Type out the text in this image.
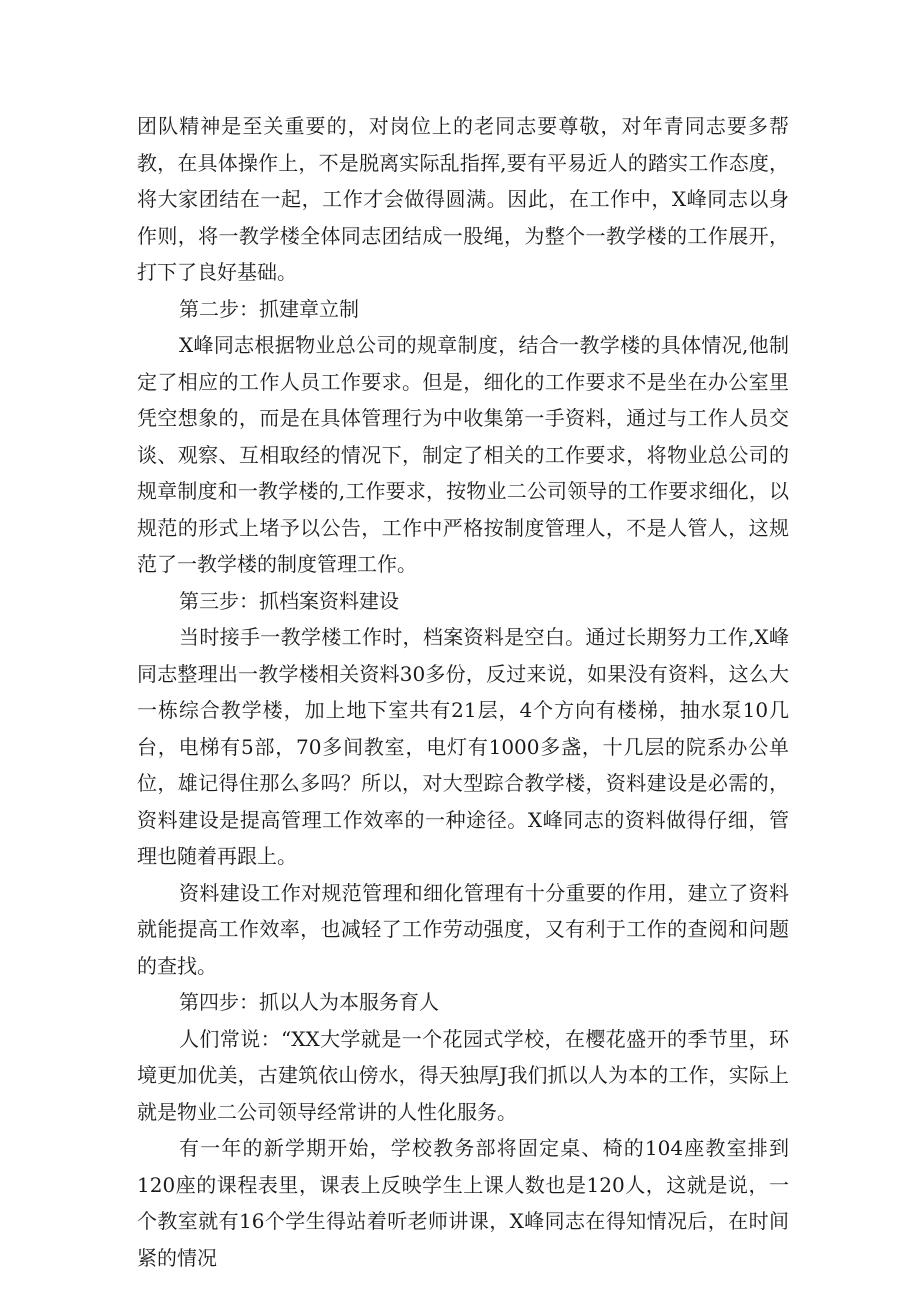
团队精神是至关重要的，对岗位上的老同志要尊敬，对年青同志要多帮教，在具体操作上，不是脱离实际乱指挥,要有平易近人的踏实工作态度，将大家团结在一起，工作才会做得圆满。因此，在工作中，X峰同志以身作则，将一教学楼全体同志团结成一股绳，为整个一教学楼的工作展开，打下了良好基础。

第二步：抓建章立制

X峰同志根据物业总公司的规章制度，结合一教学楼的具体情况,他制定了相应的工作人员工作要求。但是，细化的工作要求不是坐在办公室里凭空想象的，而是在具体管理行为中收集第一手资料，通过与工作人员交谈、观察、互相取经的情况下，制定了相关的工作要求，将物业总公司的规章制度和一教学楼的,工作要求，按物业二公司领导的工作要求细化，以规范的形式上堵予以公告，工作中严格按制度管理人，不是人管人，这规范了一教学楼的制度管理工作。

第三步：抓档案资料建设

当时接手一教学楼工作时，档案资料是空白。通过长期努力工作,X峰同志整理出一教学楼相关资料30多份，反过来说，如果没有资料，这么大一栋综合教学楼，加上地下室共有21层，4个方向有楼梯，抽水泵10几台，电梯有5部，70多间教室，电灯有1000多盏，十几层的院系办公单位，雄记得住那么多吗？所以，对大型踪合教学楼，资料建设是必需的，资料建设是提高管理工作效率的一种途径。X峰同志的资料做得仔细，管理也随着再跟上。

资料建设工作对规范管理和细化管理有十分重要的作用，建立了资料就能提高工作效率，也减轻了工作劳动强度，又有利于工作的查阅和问题的查找。

第四步：抓以人为本服务育人

人们常说：“XX大学就是一个花园式学校，在樱花盛开的季节里，环境更加优美，古建筑依山傍水，得天独厚J我们抓以人为本的工作，实际上就是物业二公司领导经常讲的人性化服务。

有一年的新学期开始，学校教务部将固定桌、椅的104座教室排到120座的课程表里，课表上反映学生上课人数也是120人，这就是说，一个教室就有16个学生得站着听老师讲课，X峰同志在得知情况后，在时间紧的情况
